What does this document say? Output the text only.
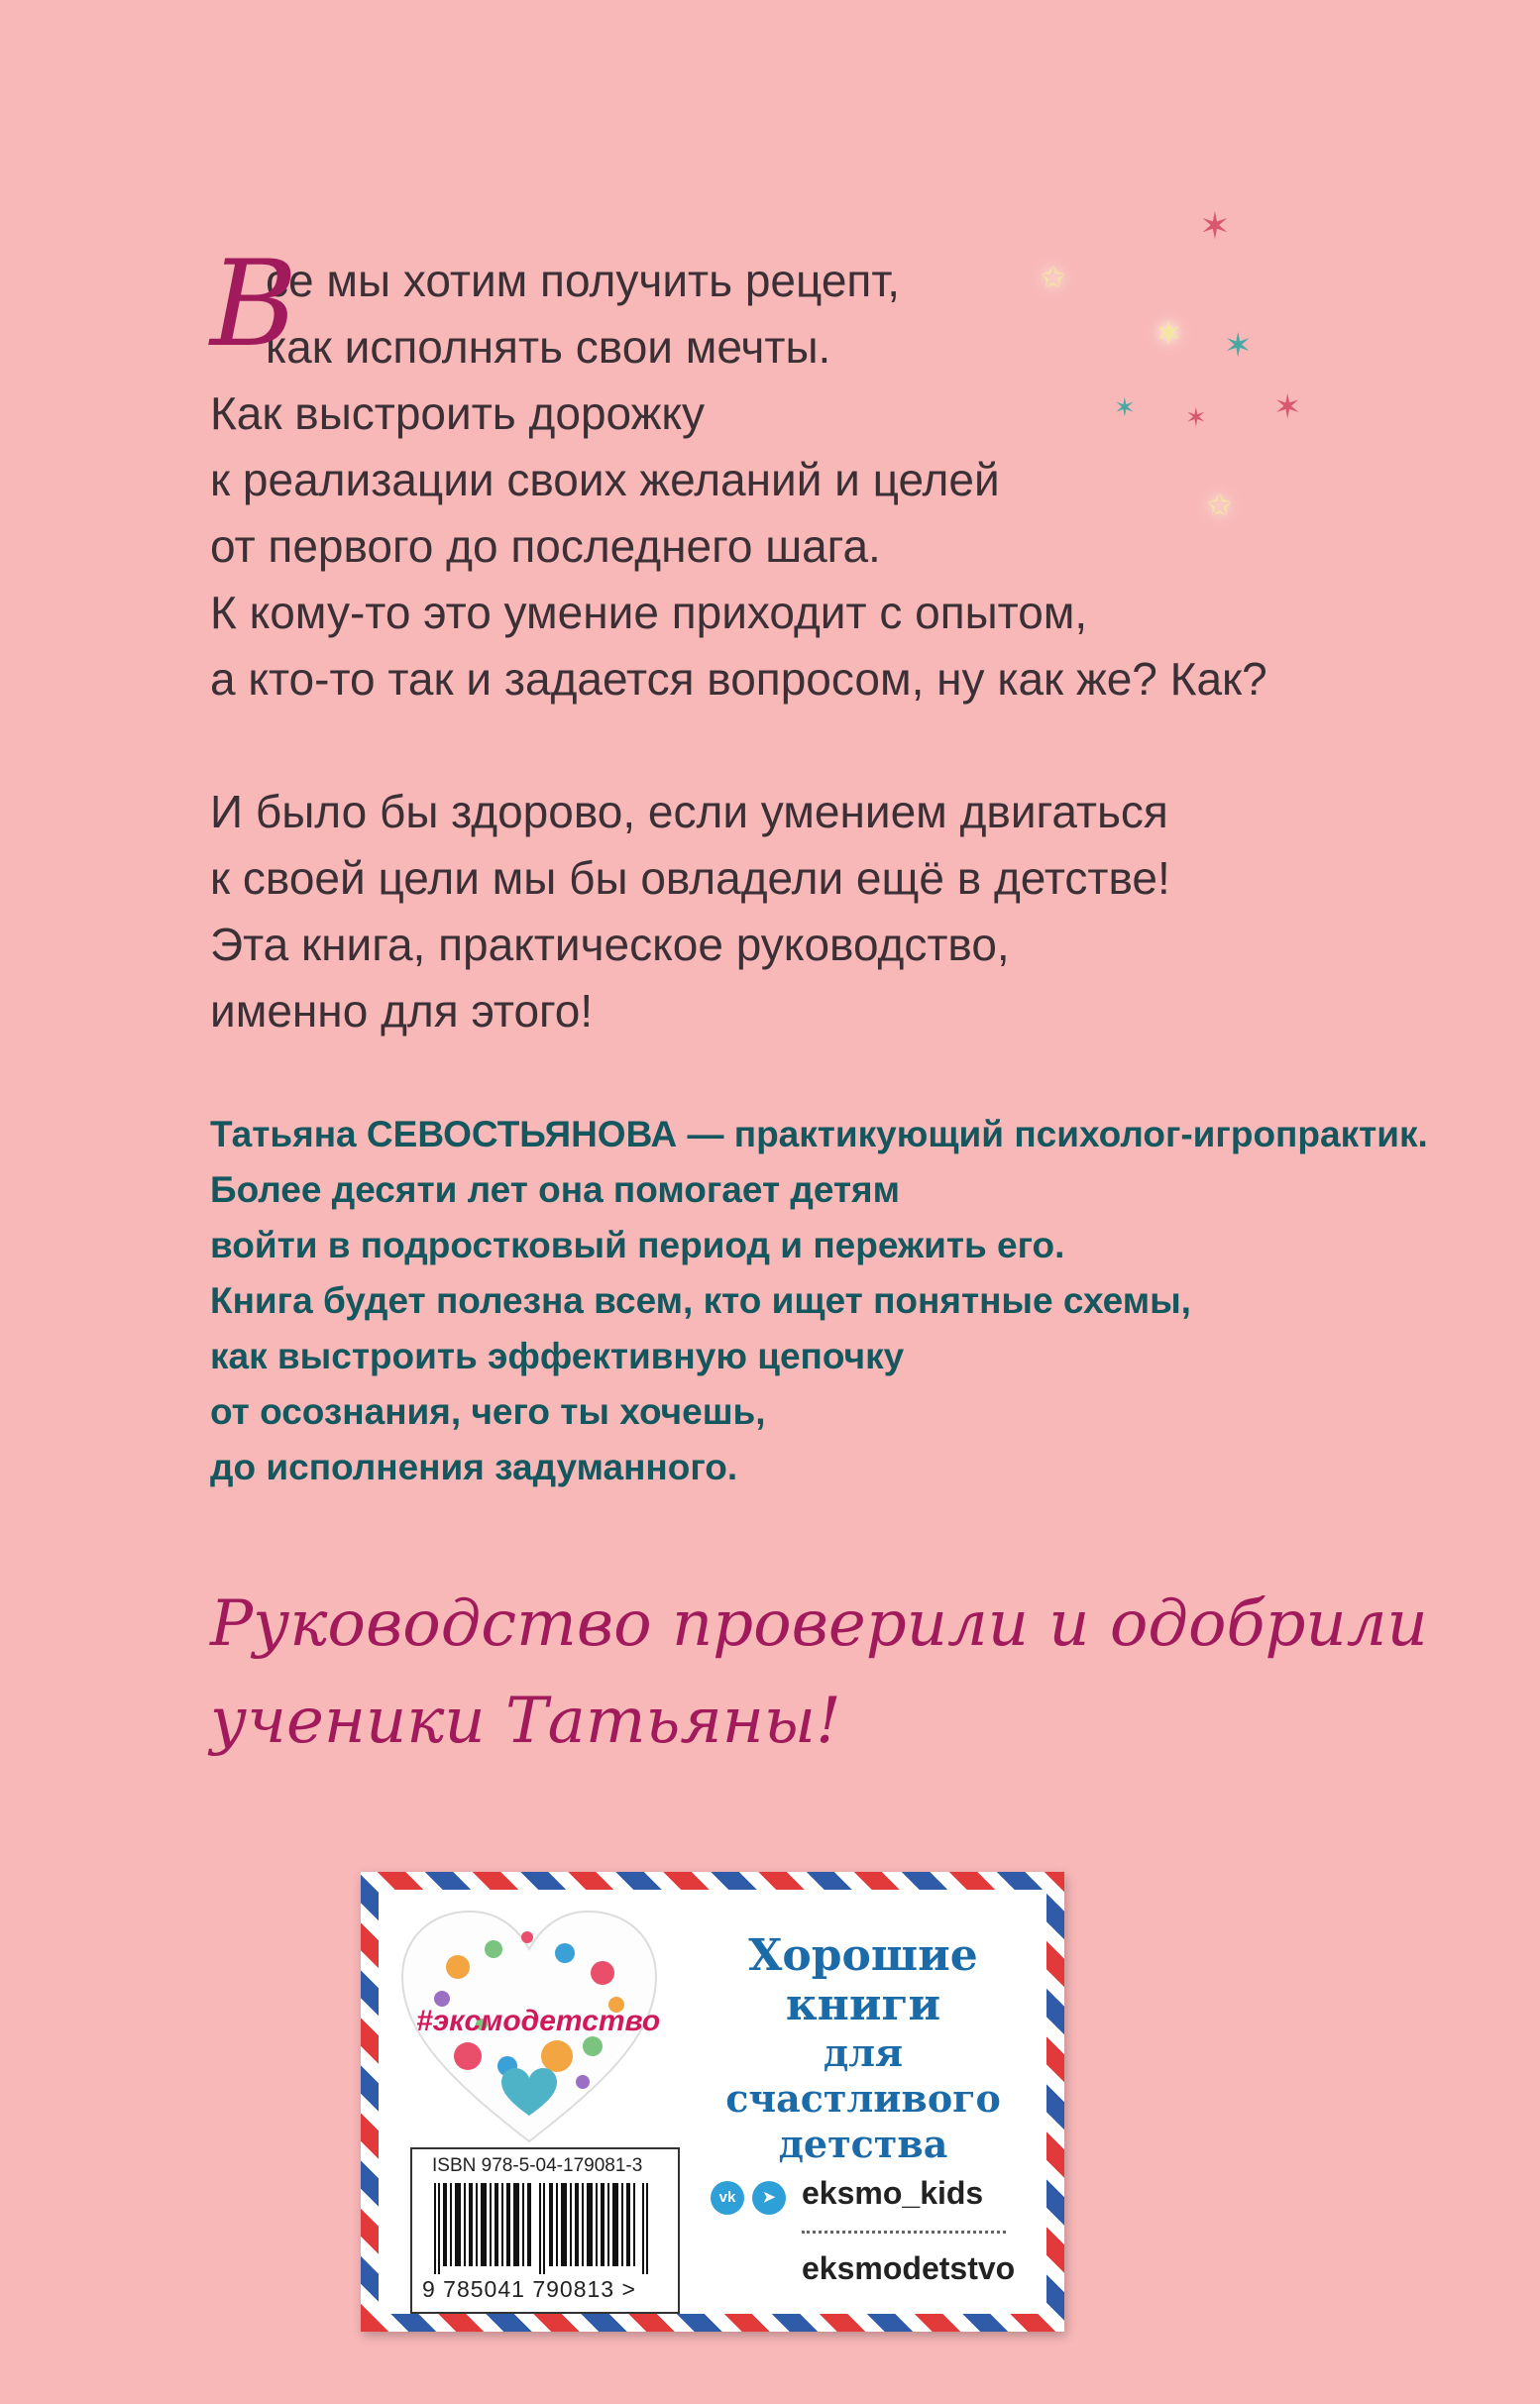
✶
✩
✶ ✶
✶ ✶ ✶
✩
В
се мы хотим получить рецепт,
как исполнять свои мечты.
Как выстроить дорожку
к реализации своих желаний и целей
от первого до последнего шага.
К кому-то это умение приходит с опытом,
а кто-то так и задается вопросом, ну как же? Как?
И было бы здорово, если умением двигаться
к своей цели мы бы овладели ещё в детстве!
Эта книга, практическое руководство,
именно для этого!
Татьяна СЕВОСТЬЯНОВА — практикующий психолог-игропрактик.
Более десяти лет она помогает детям
войти в подростковый период и пережить его.
Книга будет полезна всем, кто ищет понятные схемы,
как выстроить эффективную цепочку
от осознания, чего ты хочешь,
до исполнения задуманного.
Руководство проверили и одобрили
ученики Татьяны!
#эксмодетство
Хорошие
книги
для счастливого
детства
ISBN 978-5-04-179081-3
9 785041 790813 >
vk	➤ eksmo_kids
eksmodetstvo
